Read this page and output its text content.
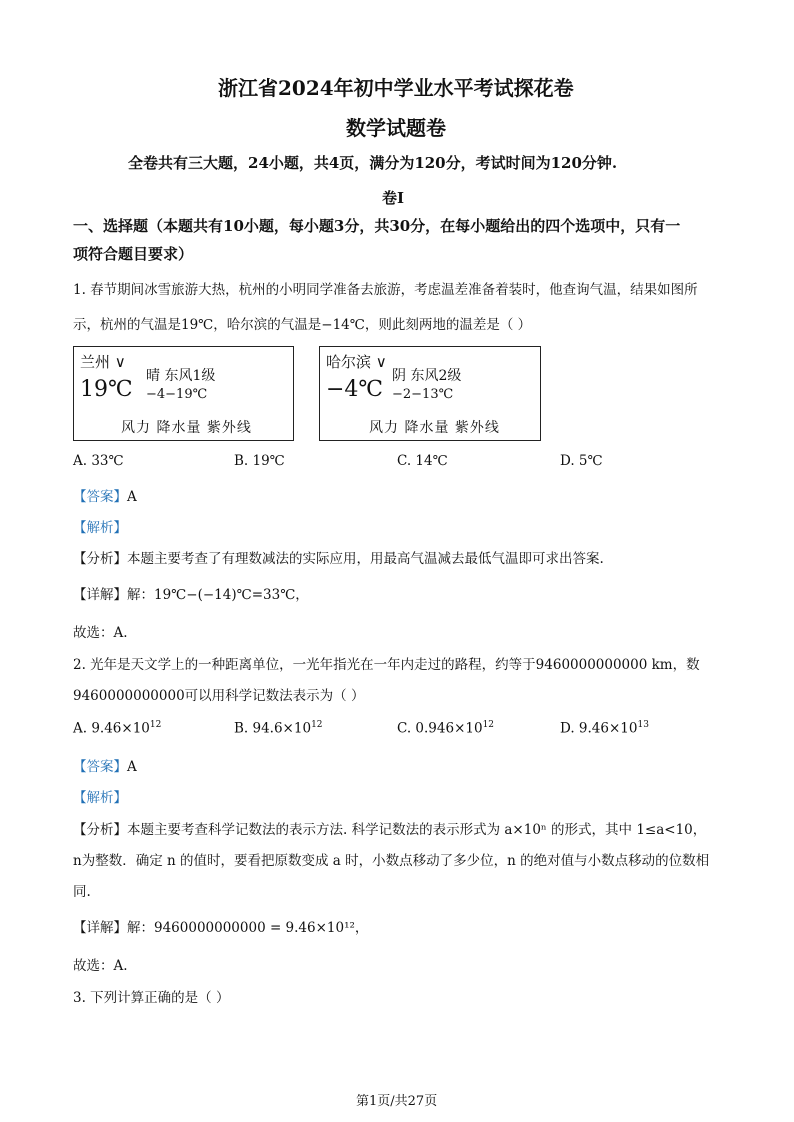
浙江省2024年初中学业水平考试探花卷
数学试题卷
全卷共有三大题，24小题，共4页，满分为120分，考试时间为120分钟.
卷I
一、选择题（本题共有10小题，每小题3分，共30分，在每小题给出的四个选项中，只有一
项符合题目要求）
1. 春节期间冰雪旅游大热，杭州的小明同学准备去旅游，考虑温差准备着装时，他查询气温，结果如图所
示，杭州的气温是19℃，哈尔滨的气温是−14℃，则此刻两地的温差是（ ）
兰州 ∨
19℃
晴 东风1级
−4−19℃
风力 降水量 紫外线
哈尔滨 ∨
−4℃
阴 东风2级
−2−13℃
风力 降水量 紫外线
A. 33℃	B. 19℃	C. 14℃	D. 5℃
【答案】A
【解析】
【分析】本题主要考查了有理数减法的实际应用，用最高气温减去最低气温即可求出答案.
【详解】解：19℃−(−14)℃=33℃，
故选：A.
2. 光年是天文学上的一种距离单位，一光年指光在一年内走过的路程，约等于9460000000000 km，数
9460000000000可以用科学记数法表示为（ ）
A. $9.46\times 10^{12}$	B. $94.6\times 10^{12}$	C. $0.946\times 10^{12}$	D. $9.46\times 10^{13}$
【答案】A
【解析】
【分析】本题主要考查科学记数法的表示方法. 科学记数法的表示形式为 a×10ⁿ 的形式，其中 1≤a<10，
n为整数．确定 n 的值时，要看把原数变成 a 时，小数点移动了多少位，n 的绝对值与小数点移动的位数相
同.
【详解】解：9460000000000 = 9.46×10¹²，
故选：A.
3. 下列计算正确的是（ ）
第1页/共27页
